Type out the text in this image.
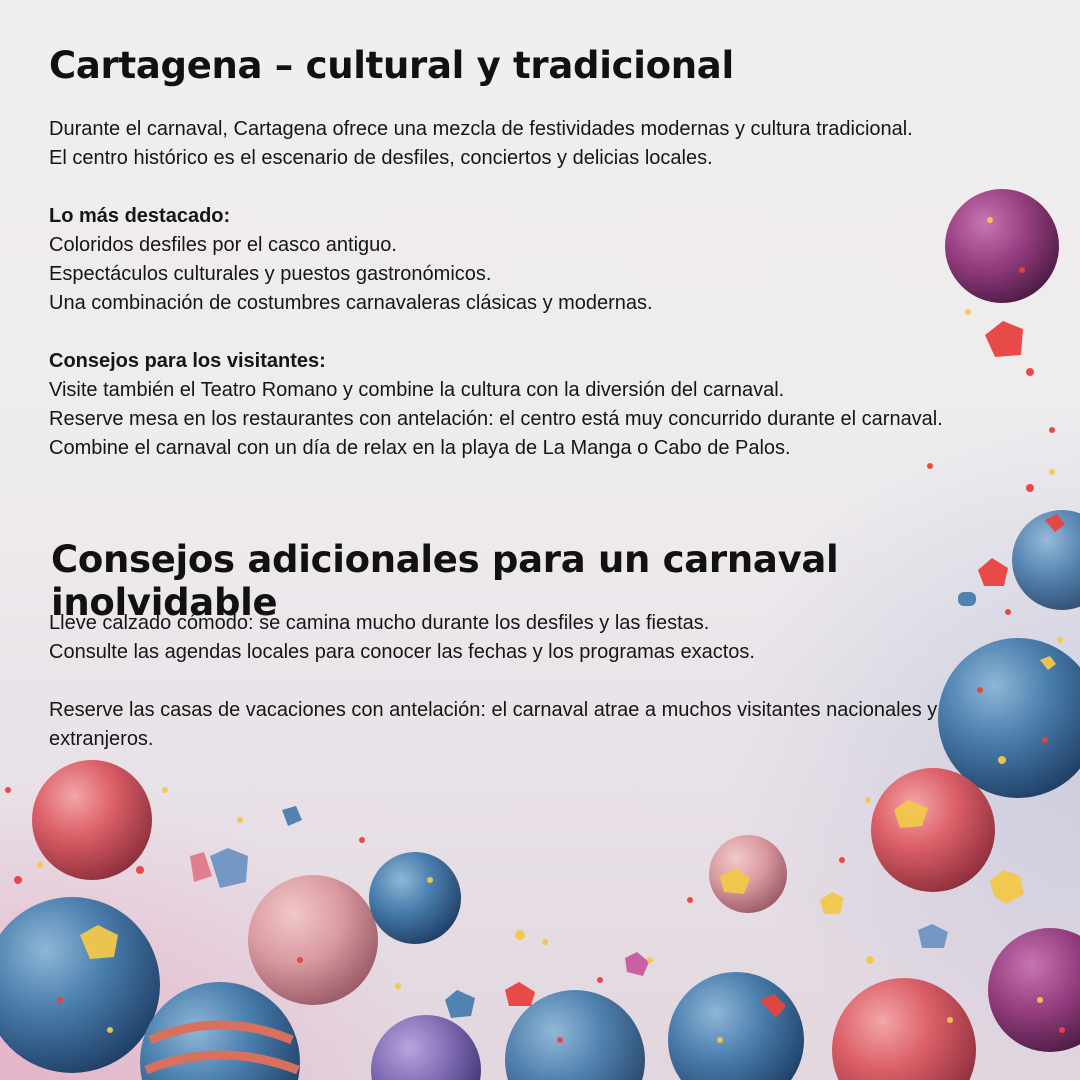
Cartagena – cultural y tradicional

Durante el carnaval, Cartagena ofrece una mezcla de festividades modernas y cultura tradicional.

El centro histórico es el escenario de desfiles, conciertos y delicias locales.

Lo más destacado:

Coloridos desfiles por el casco antiguo.

Espectáculos culturales y puestos gastronómicos.

Una combinación de costumbres carnavaleras clásicas y modernas.

Consejos para los visitantes:

Visite también el Teatro Romano y combine la cultura con la diversión del carnaval.

Reserve mesa en los restaurantes con antelación: el centro está muy concurrido durante el carnaval.

Combine el carnaval con un día de relax en la playa de La Manga o Cabo de Palos.

Consejos adicionales para un carnaval inolvidable

Lleve calzado cómodo: se camina mucho durante los desfiles y las fiestas.

Consulte las agendas locales para conocer las fechas y los programas exactos.

Reserve las casas de vacaciones con antelación: el carnaval atrae a muchos visitantes nacionales y extranjeros.
